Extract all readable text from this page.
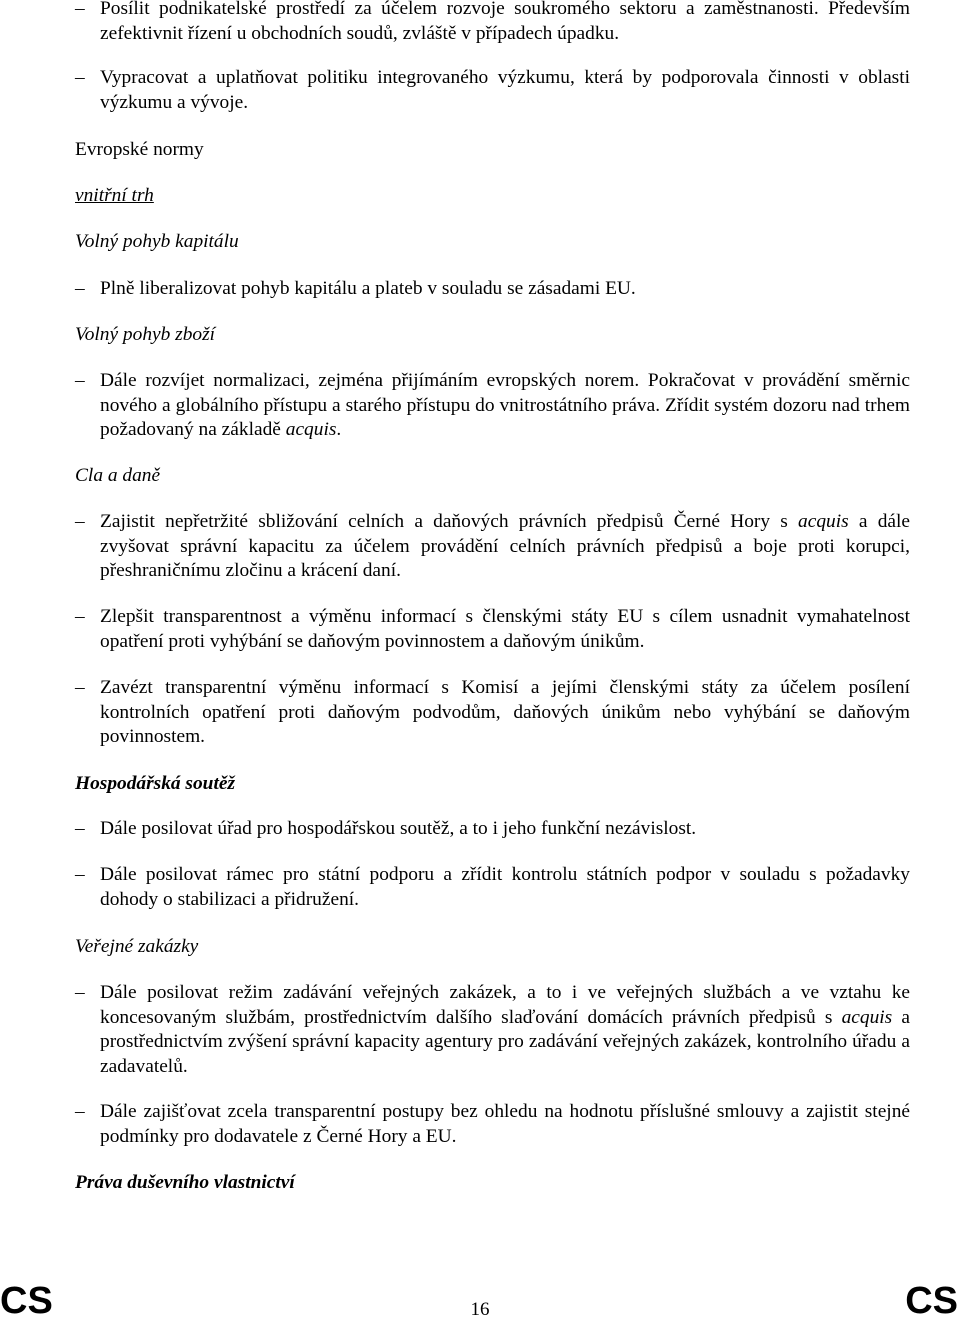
– Posílit podnikatelské prostředí za účelem rozvoje soukromého sektoru a zaměstnanosti. Především zefektivnit řízení u obchodních soudů, zvláště v případech úpadku.
– Vypracovat a uplatňovat politiku integrovaného výzkumu, která by podporovala činnosti v oblasti výzkumu a vývoje.
Evropské normy
vnitřní trh
Volný pohyb kapitálu
– Plně liberalizovat pohyb kapitálu a plateb v souladu se zásadami EU.
Volný pohyb zboží
– Dále rozvíjet normalizaci, zejména přijímáním evropských norem. Pokračovat v provádění směrnic nového a globálního přístupu a starého přístupu do vnitrostátního práva. Zřídit systém dozoru nad trhem požadovaný na základě acquis.
Cla a daně
– Zajistit nepřetržité sbližování celních a daňových právních předpisů Černé Hory s acquis a dále zvyšovat správní kapacitu za účelem provádění celních právních předpisů a boje proti korupci, přeshraničnímu zločinu a krácení daní.
– Zlepšit transparentnost a výměnu informací s členskými státy EU s cílem usnadnit vymahatelnost opatření proti vyhýbání se daňovým povinnostem a daňovým únikům.
– Zavézt transparentní výměnu informací s Komisí a jejími členskými státy za účelem posílení kontrolních opatření proti daňovým podvodům, daňových únikům nebo vyhýbání se daňovým povinnostem.
Hospodářská soutěž
– Dále posilovat úřad pro hospodářskou soutěž, a to i jeho funkční nezávislost.
– Dále posilovat rámec pro státní podporu a zřídit kontrolu státních podpor v souladu s požadavky dohody o stabilizaci a přidružení.
Veřejné zakázky
– Dále posilovat režim zadávání veřejných zakázek, a to i ve veřejných službách a ve vztahu ke koncesovaným službám, prostřednictvím dalšího slaďování domácích právních předpisů s acquis a prostřednictvím zvýšení správní kapacity agentury pro zadávání veřejných zakázek, kontrolního úřadu a zadavatelů.
– Dále zajišťovat zcela transparentní postupy bez ohledu na hodnotu příslušné smlouvy a zajistit stejné podmínky pro dodavatele z Černé Hory a EU.
Práva duševního vlastnictví
CS	16	CS
